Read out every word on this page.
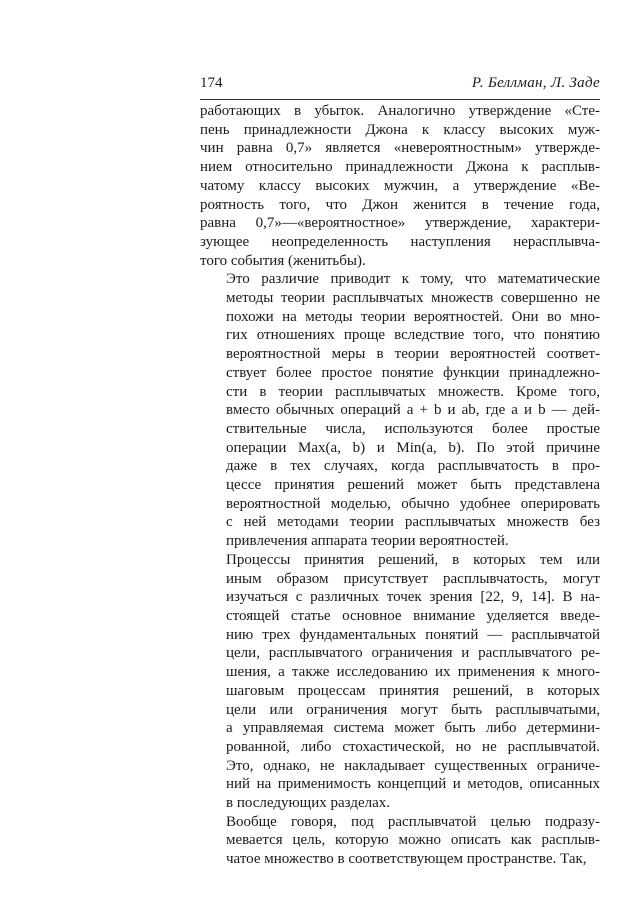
174	Р. Беллман, Л. Заде

работающих в убыток. Аналогично утверждение «Сте-
пень принадлежности Джона к классу высоких муж-
чин равна 0,7» является «невероятностным» утвержде-
нием относительно принадлежности Джона к расплыв-
чатому классу высоких мужчин, а утверждение «Ве-
роятность того, что Джон женится в течение года,
равна 0,7»—«вероятностное» утверждение, характери-
зующее неопределенность наступления нерасплывча-
того события (женитьбы).

Это различие приводит к тому, что математические
методы теории расплывчатых множеств совершенно не
похожи на методы теории вероятностей. Они во мно-
гих отношениях проще вследствие того, что понятию
вероятностной меры в теории вероятностей соответ-
ствует более простое понятие функции принадлежно-
сти в теории расплывчатых множеств. Кроме того,
вместо обычных операций a + b и ab, где a и b — дей-
ствительные числа, используются более простые
операции Max(a, b) и Min(a, b). По этой причине
даже в тех случаях, когда расплывчатость в про-
цессе принятия решений может быть представлена
вероятностной моделью, обычно удобнее оперировать
с ней методами теории расплывчатых множеств без
привлечения аппарата теории вероятностей.

Процессы принятия решений, в которых тем или
иным образом присутствует расплывчатость, могут
изучаться с различных точек зрения [22, 9, 14]. В на-
стоящей статье основное внимание уделяется введе-
нию трех фундаментальных понятий — расплывчатой
цели, расплывчатого ограничения и расплывчатого ре-
шения, а также исследованию их применения к много-
шаговым процессам принятия решений, в которых
цели или ограничения могут быть расплывчатыми,
а управляемая система может быть либо детермини-
рованной, либо стохастической, но не расплывчатой.
Это, однако, не накладывает существенных ограниче-
ний на применимость концепций и методов, описанных
в последующих разделах.

Вообще говоря, под расплывчатой целью подразу-
мевается цель, которую можно описать как расплыв-
чатое множество в соответствующем пространстве. Так,
